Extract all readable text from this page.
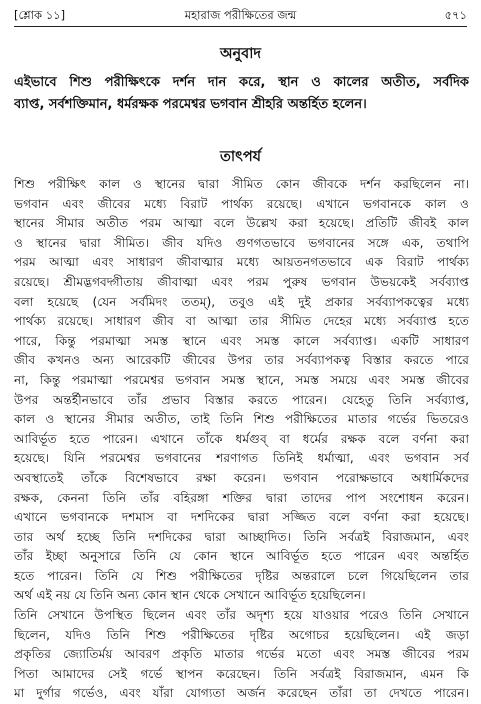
[শ্লোক ১১]	মহারাজ পরীক্ষিতের জন্ম	৫৭১
অনুবাদ
এইভাবে শিশু পরীক্ষিৎকে দর্শন দান করে, স্থান ও কালের অতীত, সর্বদিক
ব্যাপ্ত, সর্বশক্তিমান, ধর্মরক্ষক পরমেশ্বর ভগবান শ্রীহরি অন্তর্হিত হলেন।
তাৎপর্য
শিশু পরীক্ষিৎ কাল ও স্থানের দ্বারা সীমিত কোন জীবকে দর্শন করছিলেন না।
ভগবান এবং জীবের মধ্যে বিরাট পার্থক্য রয়েছে। এখানে ভগবানকে কাল ও
স্থানের সীমার অতীত পরম আত্মা বলে উল্লেখ করা হয়েছে। প্রতিটি জীবই কাল
ও স্থানের দ্বারা সীমিত। জীব যদিও গুণগতভাবে ভগবানের সঙ্গে এক, তথাপি
পরম আত্মা এবং সাধারণ জীবাত্মার মধ্যে আয়তনগতভাবে এক বিরাট পার্থক্য
রয়েছে। শ্রীমদ্ভগবদ্গীতায় জীবাত্মা এবং পরম পুরুষ ভগবান উভয়কেই সর্বব্যাপ্ত
বলা হয়েছে (যেন সর্বমিদং ততম্), তবুও এই দুই প্রকার সর্বব্যাপকত্বের মধ্যে
পার্থক্য রয়েছে। সাধারণ জীব বা আত্মা তার সীমিত দেহের মধ্যে সর্বব্যাপ্ত হতে
পারে, কিন্তু পরমাত্মা সমস্ত স্থানে এবং সমস্ত কালে সর্বব্যাপ্ত। একটি সাধারণ
জীব কখনও অন্য আরেকটি জীবের উপর তার সর্বব্যাপকত্ব বিস্তার করতে পারে
না, কিন্তু পরমাত্মা পরমেশ্বর ভগবান সমস্ত স্থানে, সমস্ত সময়ে এবং সমস্ত জীবের
উপর অন্তর্হীনভাবে তাঁর প্রভাব বিস্তার করতে পারেন। যেহেতু তিনি সর্বব্যাপ্ত,
কাল ও স্থানের সীমার অতীত, তাই তিনি শিশু পরীক্ষিতের মাতার গর্ভের ভিতরেও
আবির্ভূত হতে পারেন। এখানে তাঁকে ধর্মগুব্ বা ধর্মের রক্ষক বলে বর্ণনা করা
হয়েছে। যিনি পরমেশ্বর ভগবানের শরণাগত তিনিই ধর্মাত্মা, এবং ভগবান সর্ব
অবস্থাতেই তাঁকে বিশেষভাবে রক্ষা করেন। ভগবান পরোক্ষভাবে অধার্মিকদের
রক্ষক, কেননা তিনি তাঁর বহিরঙ্গা শক্তির দ্বারা তাদের পাপ সংশোধন করেন।
এখানে ভগবানকে দশমাস বা দশদিকের দ্বারা সজ্জিত বলে বর্ণনা করা হয়েছে।
তার অর্থ হচ্ছে তিনি দশদিকের দ্বারা আচ্ছাদিত। তিনি সর্বত্রই বিরাজমান, এবং
তাঁর ইচ্ছা অনুসারে তিনি যে কোন স্থানে আবির্ভূত হতে পারেন এবং অন্তর্হিত
হতে পারেন। তিনি যে শিশু পরীক্ষিতের দৃষ্টির অন্তরালে চলে গিয়েছিলেন তার
অর্থ এই নয় যে তিনি অন্য কোন স্থান থেকে সেখানে আবির্ভূত হয়েছিলেন।
তিনি সেখানে উপস্থিত ছিলেন এবং তাঁর অদৃশ্য হয়ে যাওয়ার পরেও তিনি সেখানে
ছিলেন, যদিও তিনি শিশু পরীক্ষিতের দৃষ্টির অগোচর হয়েছিলেন। এই জড়া
প্রকৃতির জ্যোতির্ময় আবরণ প্রকৃতি মাতার গর্ভের মতো এবং সমস্ত জীবের পরম
পিতা আমাদের সেই গর্ভে স্থাপন করেছেন। তিনি সর্বত্রই বিরাজমান, এমন কি
মা দুর্গার গর্ভেও, এবং যাঁরা যোগ্যতা অর্জন করেছেন তাঁরা তা দেখতে পারেন।
